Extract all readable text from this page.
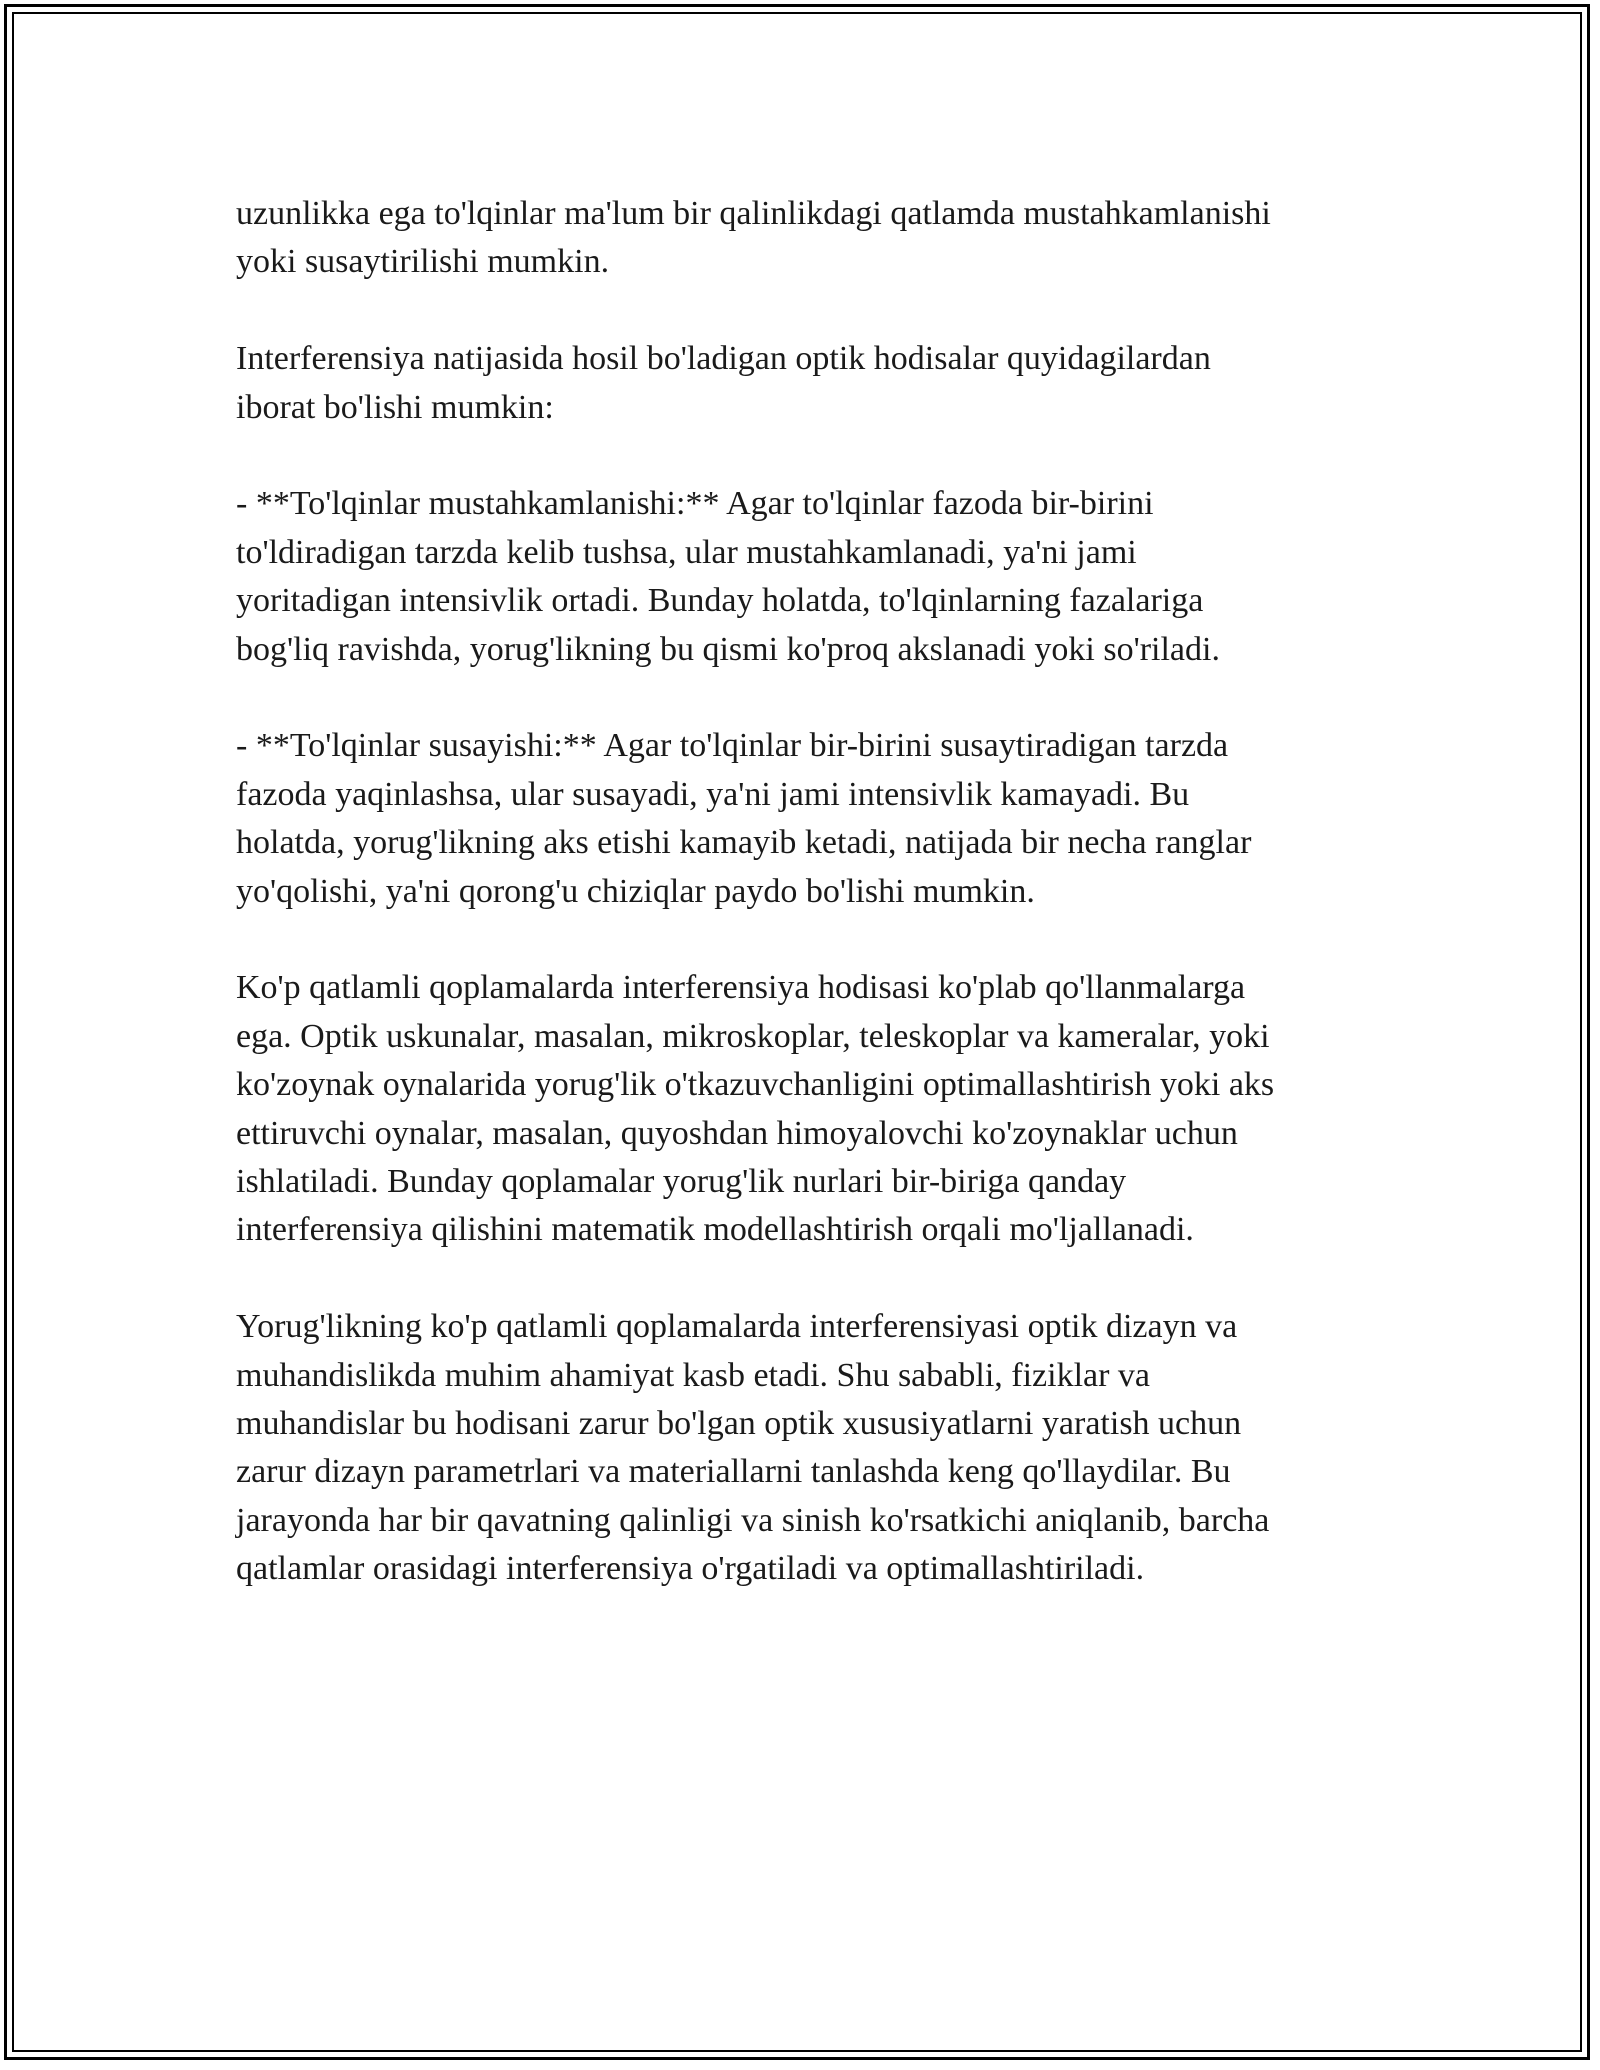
uzunlikka ega to'lqinlar ma'lum bir qalinlikdagi qatlamda mustahkamlanishi
yoki susaytirilishi mumkin.

Interferensiya natijasida hosil bo'ladigan optik hodisalar quyidagilardan
iborat bo'lishi mumkin:

- **To'lqinlar mustahkamlanishi:** Agar to'lqinlar fazoda bir-birini
to'ldiradigan tarzda kelib tushsa, ular mustahkamlanadi, ya'ni jami
yoritadigan intensivlik ortadi. Bunday holatda, to'lqinlarning fazalariga
bog'liq ravishda, yorug'likning bu qismi ko'proq akslanadi yoki so'riladi.

- **To'lqinlar susayishi:** Agar to'lqinlar bir-birini susaytiradigan tarzda
fazoda yaqinlashsa, ular susayadi, ya'ni jami intensivlik kamayadi. Bu
holatda, yorug'likning aks etishi kamayib ketadi, natijada bir necha ranglar
yo'qolishi, ya'ni qorong'u chiziqlar paydo bo'lishi mumkin.

Ko'p qatlamli qoplamalarda interferensiya hodisasi ko'plab qo'llanmalarga
ega. Optik uskunalar, masalan, mikroskoplar, teleskoplar va kameralar, yoki
ko'zoynak oynalarida yorug'lik o'tkazuvchanligini optimallashtirish yoki aks
ettiruvchi oynalar, masalan, quyoshdan himoyalovchi ko'zoynaklar uchun
ishlatiladi. Bunday qoplamalar yorug'lik nurlari bir-biriga qanday
interferensiya qilishini matematik modellashtirish orqali mo'ljallanadi.

Yorug'likning ko'p qatlamli qoplamalarda interferensiyasi optik dizayn va
muhandislikda muhim ahamiyat kasb etadi. Shu sababli, fiziklar va
muhandislar bu hodisani zarur bo'lgan optik xususiyatlarni yaratish uchun
zarur dizayn parametrlari va materiallarni tanlashda keng qo'llaydilar. Bu
jarayonda har bir qavatning qalinligi va sinish ko'rsatkichi aniqlanib, barcha
qatlamlar orasidagi interferensiya o'rgatiladi va optimallashtiriladi.
